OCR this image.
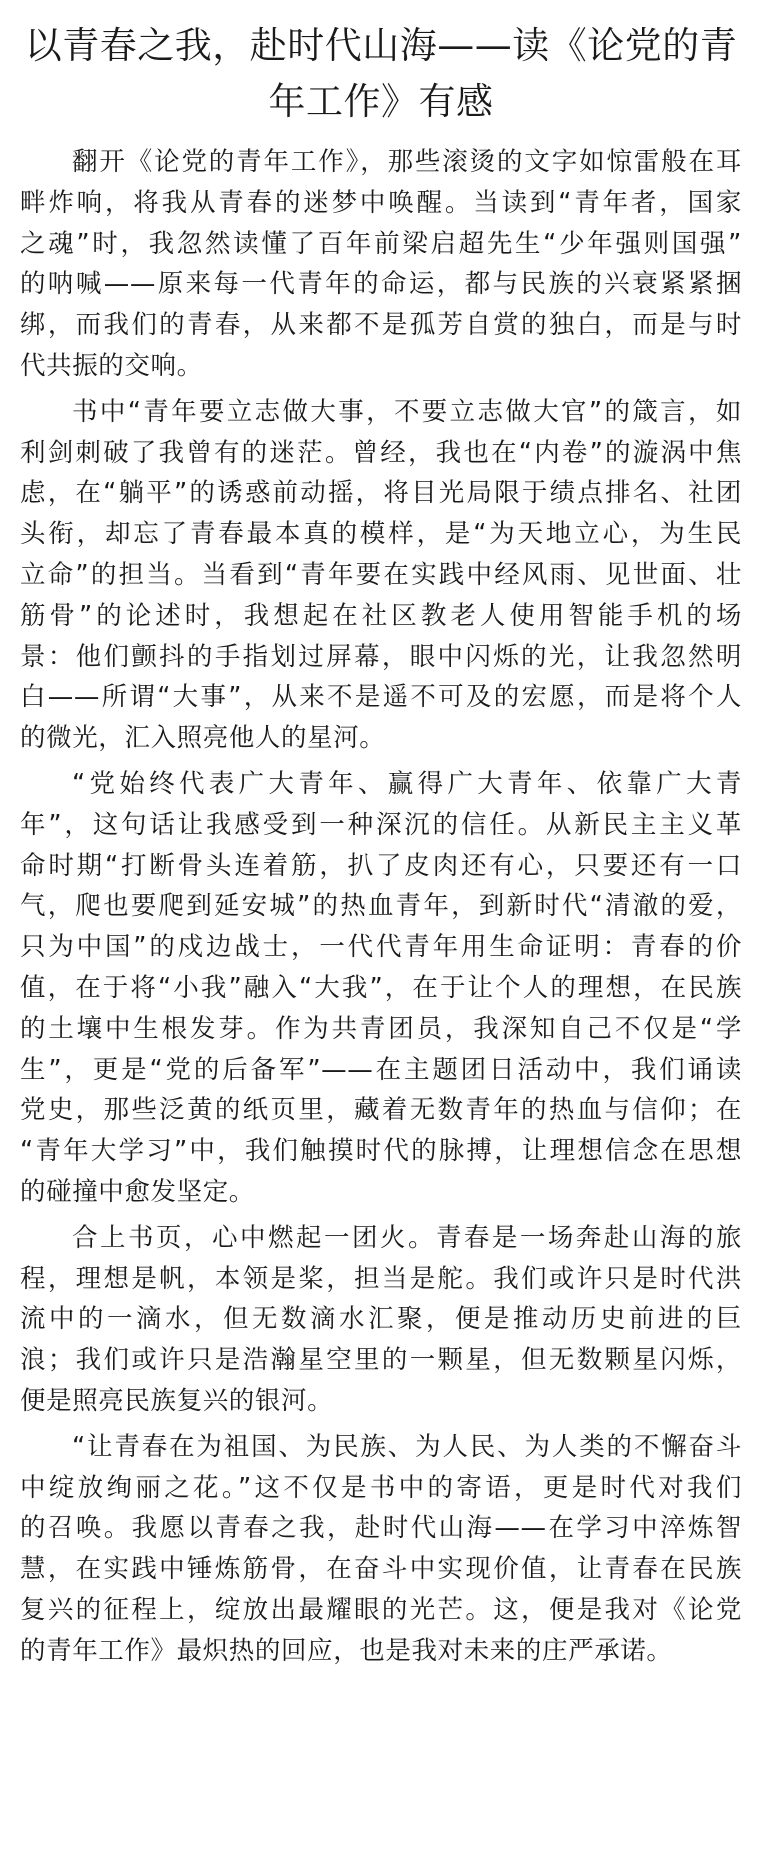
以青春之我，赴时代山海——读《论党的青
年工作》有感

翻开《论党的青年工作》，那些滚烫的文字如惊雷般在耳
畔炸响，将我从青春的迷梦中唤醒。当读到“青年者，国家
之魂”时，我忽然读懂了百年前梁启超先生“少年强则国强”
的呐喊——原来每一代青年的命运，都与民族的兴衰紧紧捆
绑，而我们的青春，从来都不是孤芳自赏的独白，而是与时
代共振的交响。

书中“青年要立志做大事，不要立志做大官”的箴言，如
利剑刺破了我曾有的迷茫。曾经，我也在“内卷”的漩涡中焦
虑，在“躺平”的诱惑前动摇，将目光局限于绩点排名、社团
头衔，却忘了青春最本真的模样，是“为天地立心，为生民
立命”的担当。当看到“青年要在实践中经风雨、见世面、壮
筋骨”的论述时，我想起在社区教老人使用智能手机的场
景：他们颤抖的手指划过屏幕，眼中闪烁的光，让我忽然明
白——所谓“大事”，从来不是遥不可及的宏愿，而是将个人
的微光，汇入照亮他人的星河。

“党始终代表广大青年、赢得广大青年、依靠广大青
年”，这句话让我感受到一种深沉的信任。从新民主主义革
命时期“打断骨头连着筋，扒了皮肉还有心，只要还有一口
气，爬也要爬到延安城”的热血青年，到新时代“清澈的爱，
只为中国”的戍边战士，一代代青年用生命证明：青春的价
值，在于将“小我”融入“大我”，在于让个人的理想，在民族
的土壤中生根发芽。作为共青团员，我深知自己不仅是“学
生”，更是“党的后备军”——在主题团日活动中，我们诵读
党史，那些泛黄的纸页里，藏着无数青年的热血与信仰；在
“青年大学习”中，我们触摸时代的脉搏，让理想信念在思想
的碰撞中愈发坚定。

合上书页，心中燃起一团火。青春是一场奔赴山海的旅
程，理想是帆，本领是桨，担当是舵。我们或许只是时代洪
流中的一滴水，但无数滴水汇聚，便是推动历史前进的巨
浪；我们或许只是浩瀚星空里的一颗星，但无数颗星闪烁，
便是照亮民族复兴的银河。

“让青春在为祖国、为民族、为人民、为人类的不懈奋斗
中绽放绚丽之花。”这不仅是书中的寄语，更是时代对我们
的召唤。我愿以青春之我，赴时代山海——在学习中淬炼智
慧，在实践中锤炼筋骨，在奋斗中实现价值，让青春在民族
复兴的征程上，绽放出最耀眼的光芒。这，便是我对《论党
的青年工作》最炽热的回应，也是我对未来的庄严承诺。
